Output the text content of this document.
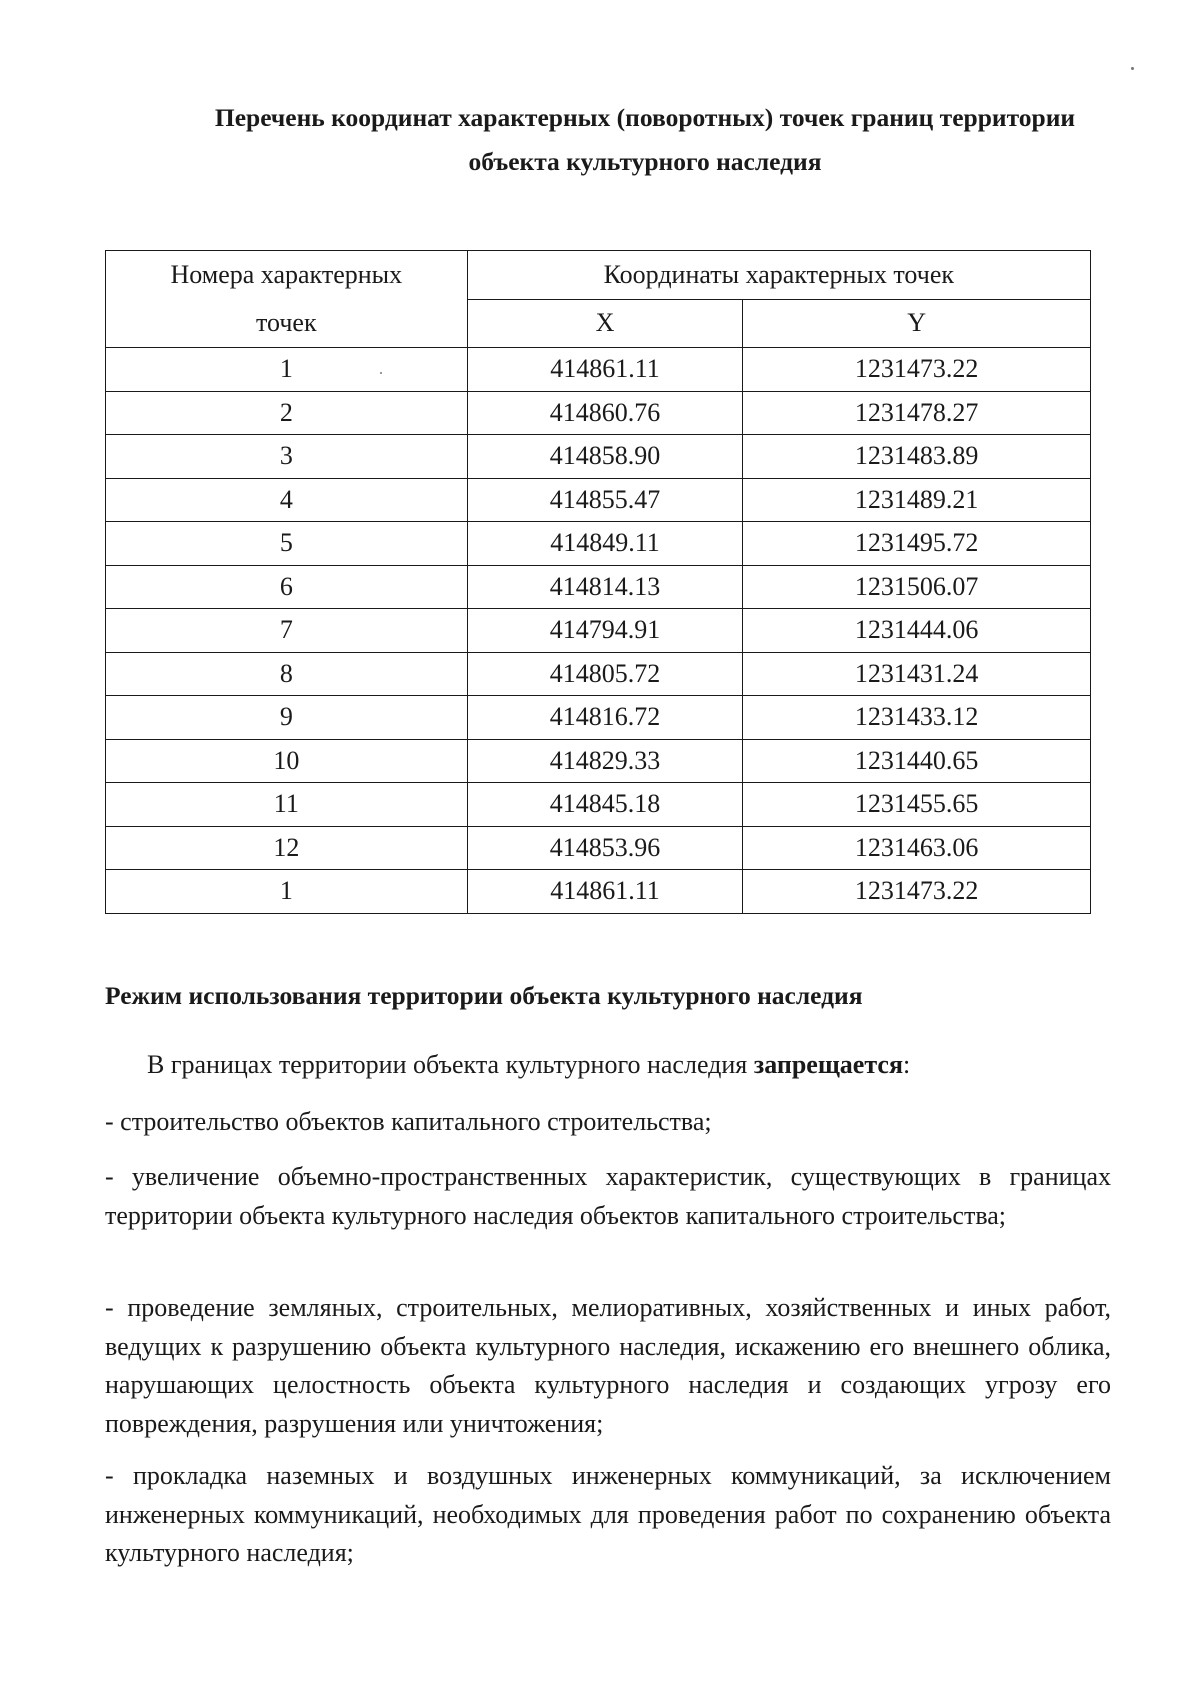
Перечень координат характерных (поворотных) точек границ территории
объекта культурного наследия
Номера характерных
точек	Координаты характерных точек	
	X	Y
1	414861.11	1231473.22
2	414860.76	1231478.27
3	414858.90	1231483.89
4	414855.47	1231489.21
5	414849.11	1231495.72
6	414814.13	1231506.07
7	414794.91	1231444.06
8	414805.72	1231431.24
9	414816.72	1231433.12
10	414829.33	1231440.65
11	414845.18	1231455.65
12	414853.96	1231463.06
1	414861.11	1231473.22
Режим использования территории объекта культурного наследия
В границах территории объекта культурного наследия запрещается:
- строительство объектов капитального строительства;
- увеличение объемно-пространственных характеристик, существующих в границах территории объекта культурного наследия объектов капитального строительства;
- проведение земляных, строительных, мелиоративных, хозяйственных и иных работ, ведущих к разрушению объекта культурного наследия, искажению его внешнего облика, нарушающих целостность объекта культурного наследия и создающих угрозу его повреждения, разрушения или уничтожения;
- прокладка наземных и воздушных инженерных коммуникаций, за исключением инженерных коммуникаций, необходимых для проведения работ по сохранению объекта культурного наследия;
